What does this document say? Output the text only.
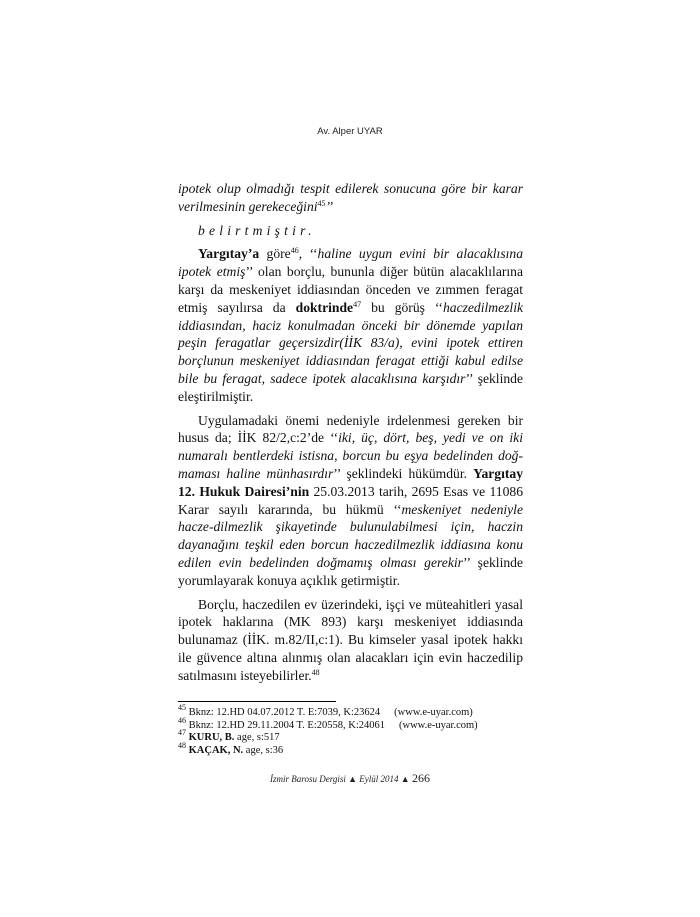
Av. Alper UYAR

ipotek olup olmadığı tespit edilerek sonucuna göre bir karar verilmesinin gerekeceğini$^{45}$’’

belirtmiştir.

Yargıtay’a göre$^{46}$, ‘‘haline uygun evini bir alacaklısına ipotek etmiş’’ olan borçlu, bununla diğer bütün alacaklılarına karşı da meskeniyet iddiasından önceden ve zımmen feragat etmiş sayılırsa da doktrinde$^{47}$ bu görüş ‘‘haczedilmezlik iddiasından, haciz konulmadan önceki bir dönemde yapılan peşin feragatlar geçersizdir(İİK 83/a), evini ipotek ettiren borçlunun meskeniyet iddiasından feragat ettiği kabul edilse bile bu feragat, sadece ipotek alacaklısına karşıdır’’ şeklinde eleştirilmiştir.

Uygulamadaki önemi nedeniyle irdelenmesi gereken bir husus da; İİK 82/2,c:2’de ‘‘iki, üç, dört, beş, yedi ve on iki numaralı bentlerdeki istisna, borcun bu eşya bedelinden doğ-maması haline münhasırdır’’ şeklindeki hükümdür. Yargıtay 12. Hukuk Dairesi’nin 25.03.2013 tarih, 2695 Esas ve 11086 Karar sayılı kararında, bu hükmü ‘‘meskeniyet nedeniyle hacze-dilmezlik şikayetinde bulunulabilmesi için, haczin dayanağını teşkil eden borcun haczedilmezlik iddiasına konu edilen evin bedelinden doğmamış olması gerekir’’ şeklinde yorumlayarak konuya açıklık getirmiştir.

Borçlu, haczedilen ev üzerindeki, işçi ve müteahitleri yasal ipotek haklarına (MK 893) karşı meskeniyet iddiasında bulunamaz (İİK. m.82/II,c:1). Bu kimseler yasal ipotek hakkı ile güvence altına alınmış olan alacakları için evin haczedilip satılmasını isteyebilirler.$^{48}$

$^{45}$ Bknz: 12.HD 04.07.2012 T. E:7039, K:23624 (www.e-uyar.com)
$^{46}$ Bknz: 12.HD 29.11.2004 T. E:20558, K:24061 (www.e-uyar.com)
$^{47}$ KURU, B. age, s:517
$^{48}$ KAÇAK, N. age, s:36
İzmir Barosu Dergisi ▲ Eylül 2014 ▲ 266
